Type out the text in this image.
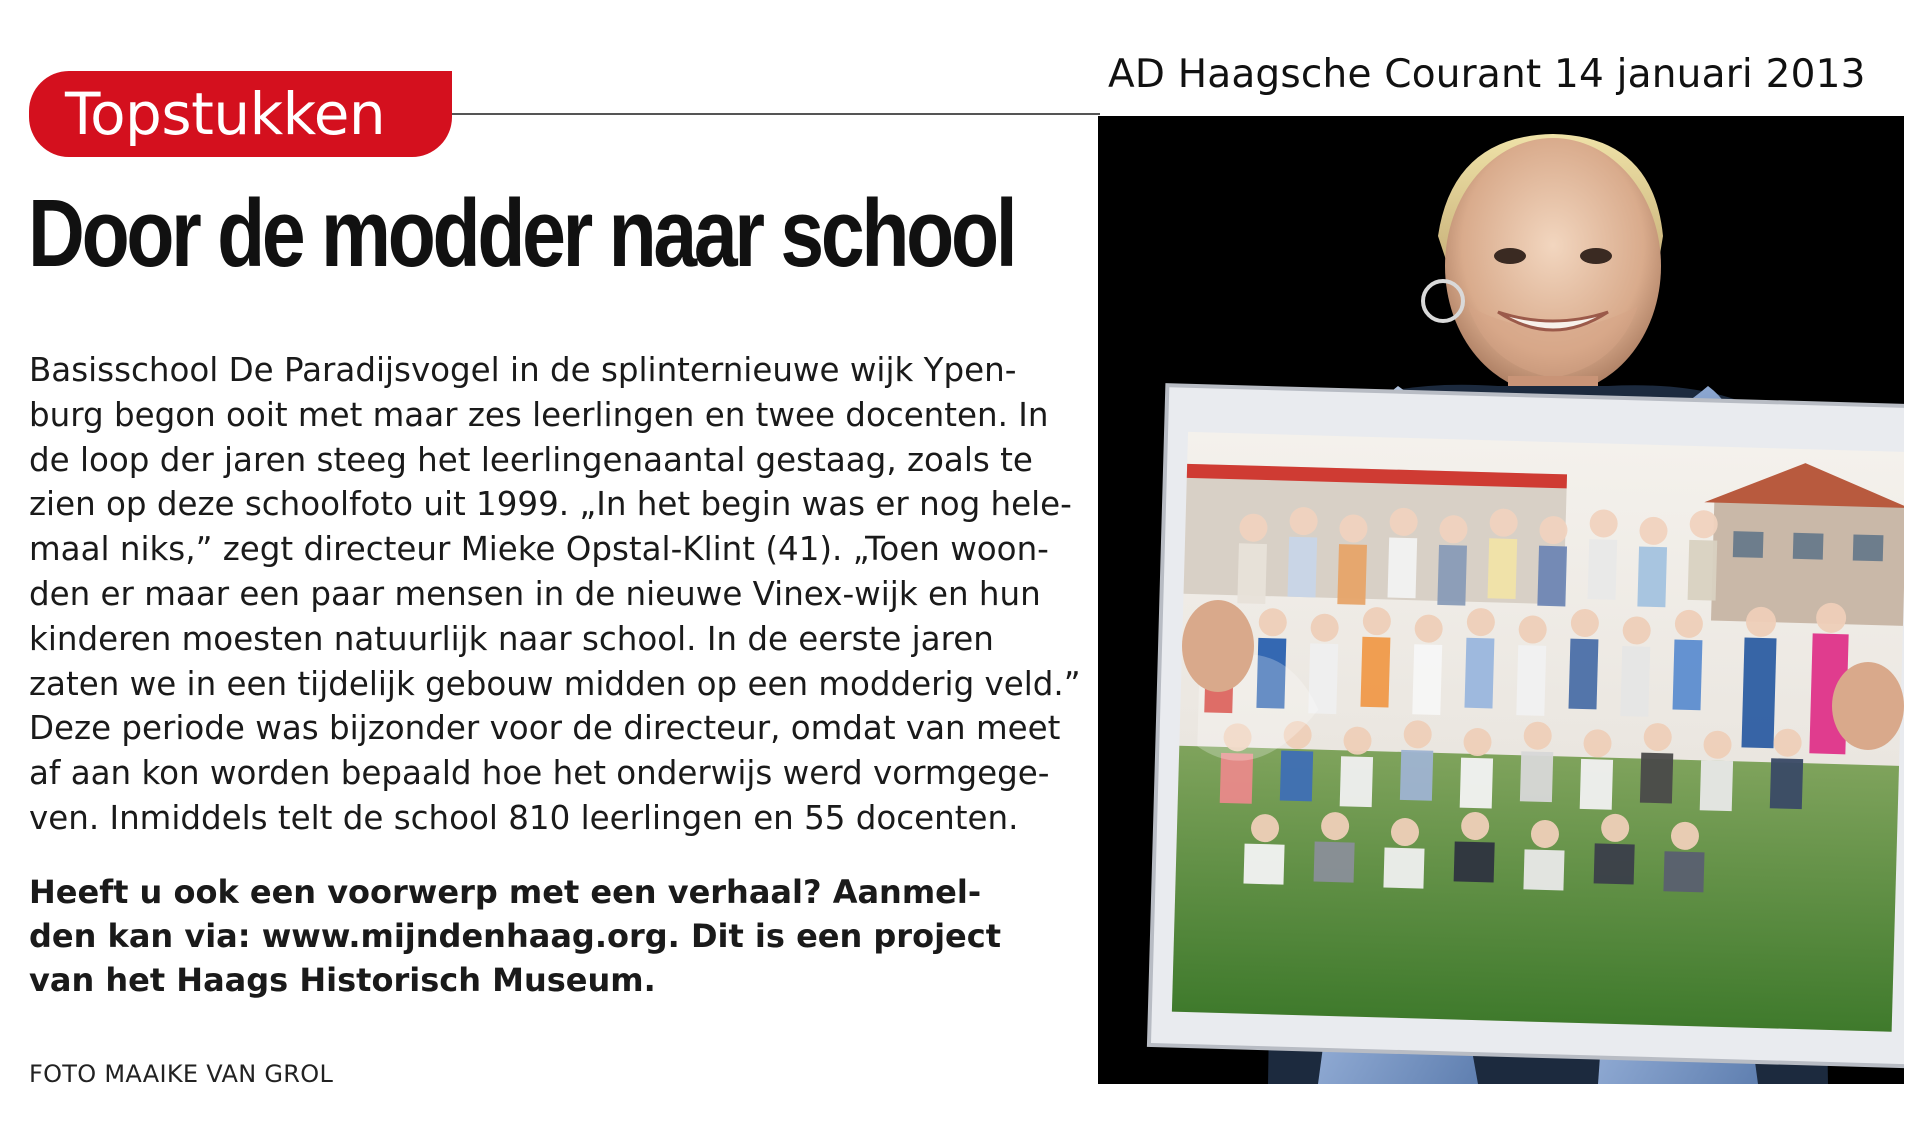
AD Haagsche Courant 14 januari 2013
Topstukken
Door de modder naar school

Basisschool De Paradijsvogel in de splinternieuwe wijk Ypen-
burg begon ooit met maar zes leerlingen en twee docenten. In
de loop der jaren steeg het leerlingenaantal gestaag, zoals te
zien op deze schoolfoto uit 1999. „In het begin was er nog hele-
maal niks,” zegt directeur Mieke Opstal-Klint (41). „Toen woon-
den er maar een paar mensen in de nieuwe Vinex-wijk en hun
kinderen moesten natuurlijk naar school. In de eerste jaren
zaten we in een tijdelijk gebouw midden op een modderig veld.”
Deze periode was bijzonder voor de directeur, omdat van meet
af aan kon worden bepaald hoe het onderwijs werd vormgege-
ven. Inmiddels telt de school 810 leerlingen en 55 docenten.

Heeft u ook een voorwerp met een verhaal? Aanmel-
den kan via: www.mijndenhaag.org. Dit is een project
van het Haags Historisch Museum.

FOTO MAAIKE VAN GROL
